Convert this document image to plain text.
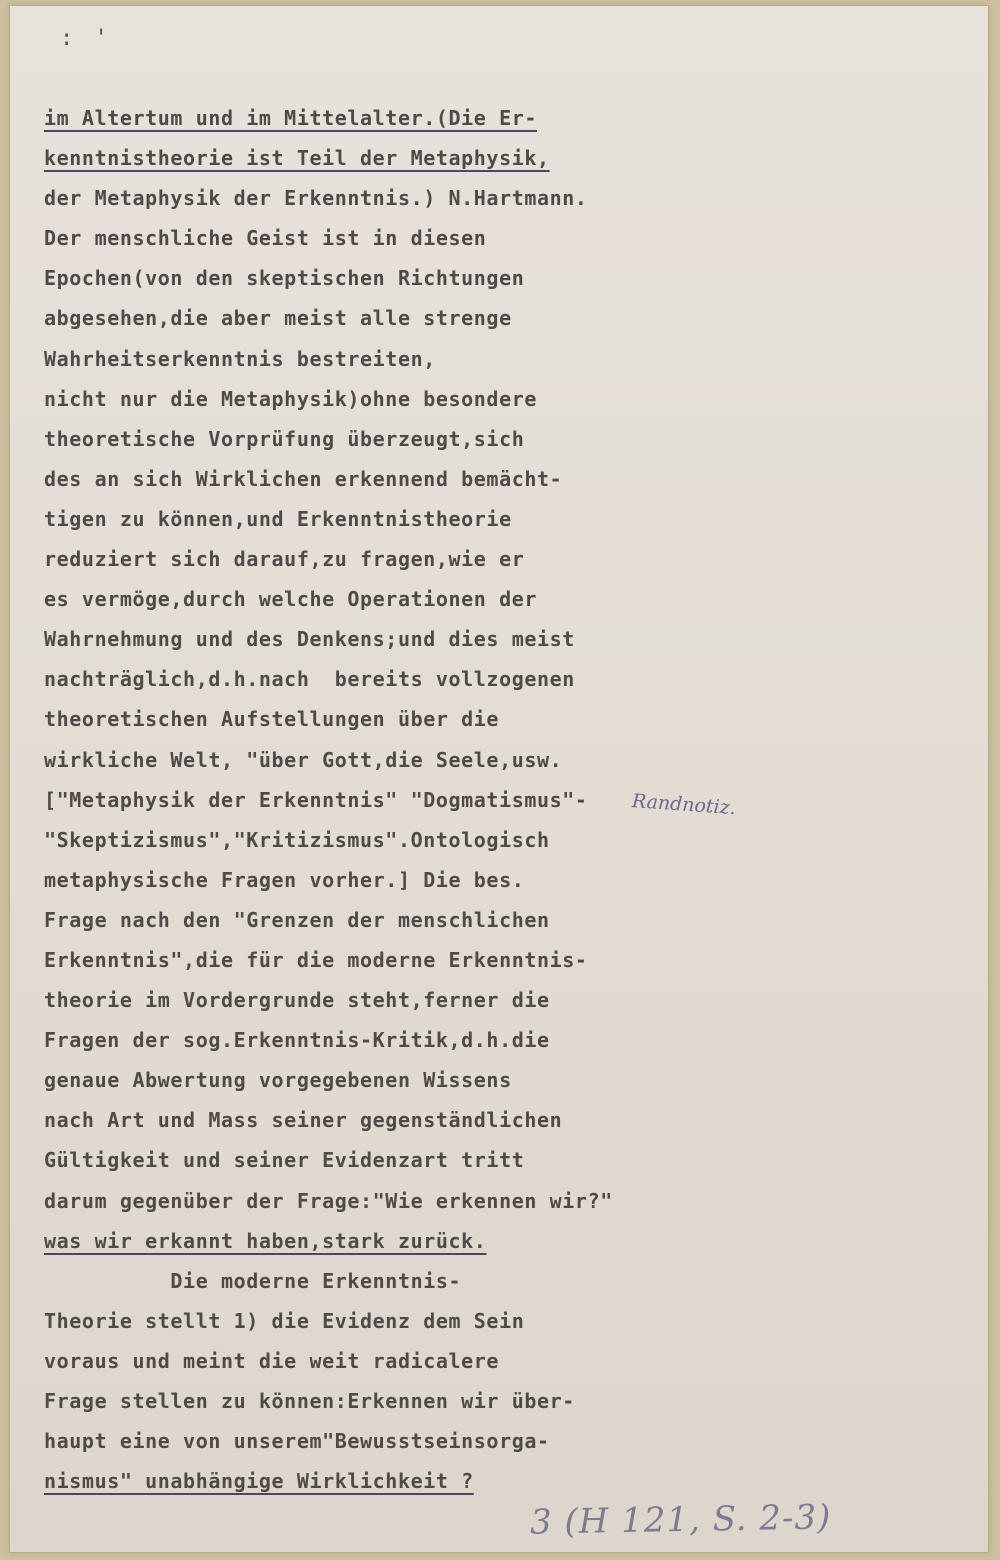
: '
im Altertum und im Mittelalter.(Die Er-
kenntnistheorie ist Teil der Metaphysik,
der Metaphysik der Erkenntnis.) N.Hartmann.
Der menschliche Geist ist in diesen
Epochen(von den skeptischen Richtungen
abgesehen,die aber meist alle strenge
Wahrheitserkenntnis bestreiten,
nicht nur die Metaphysik)ohne besondere
theoretische Vorprüfung überzeugt,sich
des an sich Wirklichen erkennend bemächt-
tigen zu können,und Erkenntnistheorie
reduziert sich darauf,zu fragen,wie er
es vermöge,durch welche Operationen der
Wahrnehmung und des Denkens;und dies meist
nachträglich,d.h.nach  bereits vollzogenen
theoretischen Aufstellungen über die
wirkliche Welt, "über Gott,die Seele,usw.
["Metaphysik der Erkenntnis" "Dogmatismus"-
"Skeptizismus","Kritizismus".Ontologisch
metaphysische Fragen vorher.] Die bes.
Frage nach den "Grenzen der menschlichen
Erkenntnis",die für die moderne Erkenntnis-
theorie im Vordergrunde steht,ferner die
Fragen der sog.Erkenntnis-Kritik,d.h.die
genaue Abwertung vorgegebenen Wissens
nach Art und Mass seiner gegenständlichen
Gültigkeit und seiner Evidenzart tritt
darum gegenüber der Frage:"Wie erkennen wir?"
was wir erkannt haben,stark zurück.
Die moderne Erkenntnis-
Theorie stellt 1) die Evidenz dem Sein
voraus und meint die weit radicalere
Frage stellen zu können:Erkennen wir über-
haupt eine von unserem"Bewusstseinsorga-
nismus" unabhängige Wirklichkeit ?
Randnotiz.
3 (H 121, S. 2-3)
